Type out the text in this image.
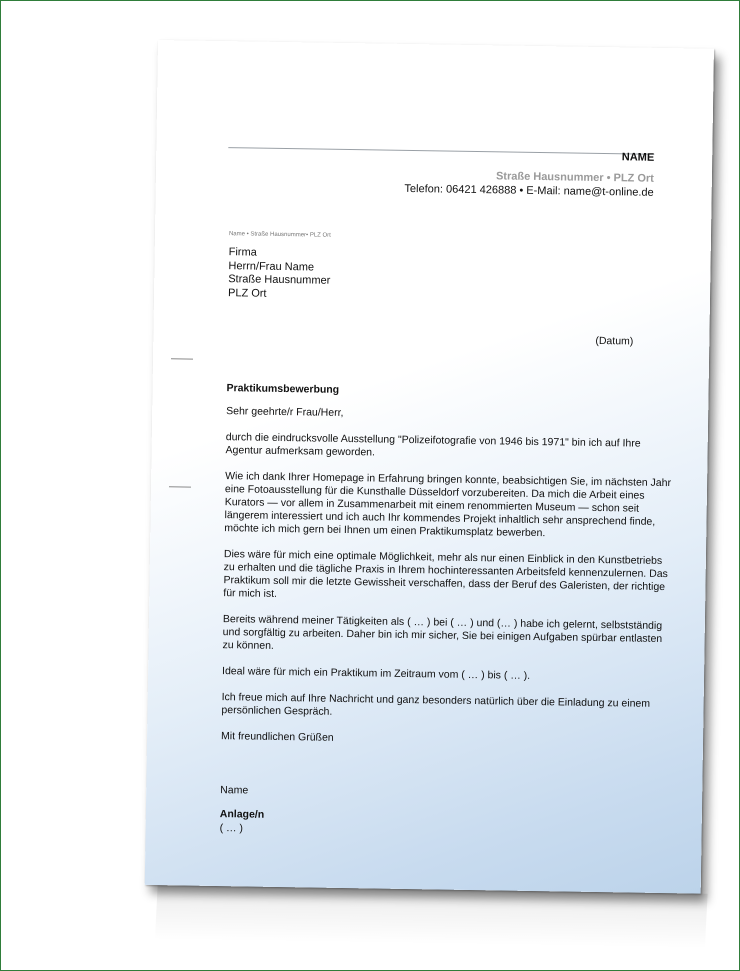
NAME
Straße Hausnummer • PLZ Ort
Telefon: 06421 426888 • E-Mail: name@t-online.de
Name • Straße Hausnummer• PLZ Ort
Firma
Herrn/Frau Name
Straße Hausnummer
PLZ Ort
(Datum)
Praktikumsbewerbung

Sehr geehrte/r Frau/Herr,

durch die eindrucksvolle Ausstellung "Polizeifotografie von 1946 bis 1971" bin ich auf Ihre Agentur aufmerksam geworden.

Wie ich dank Ihrer Homepage in Erfahrung bringen konnte, beabsichtigen Sie, im nächsten Jahr eine Fotoausstellung für die Kunsthalle Düsseldorf vorzubereiten. Da mich die Arbeit eines Kurators — vor allem in Zusammenarbeit mit einem renommierten Museum — schon seit längerem interessiert und ich auch Ihr kommendes Projekt inhaltlich sehr ansprechend finde, möchte ich mich gern bei Ihnen um einen Praktikumsplatz bewerben.

Dies wäre für mich eine optimale Möglichkeit, mehr als nur einen Einblick in den Kunstbetriebs zu erhalten und die tägliche Praxis in Ihrem hochinteressanten Arbeitsfeld kennenzulernen. Das Praktikum soll mir die letzte Gewissheit verschaffen, dass der Beruf des Galeristen, der richtige für mich ist.

Bereits während meiner Tätigkeiten als ( … ) bei ( … ) und (… ) habe ich gelernt, selbstständig und sorgfältig zu arbeiten. Daher bin ich mir sicher, Sie bei einigen Aufgaben spürbar entlasten zu können.

Ideal wäre für mich ein Praktikum im Zeitraum vom ( … ) bis ( … ).

Ich freue mich auf Ihre Nachricht und ganz besonders natürlich über die Einladung zu einem persönlichen Gespräch.

Mit freundlichen Grüßen

Name
Anlage/n
( … )
